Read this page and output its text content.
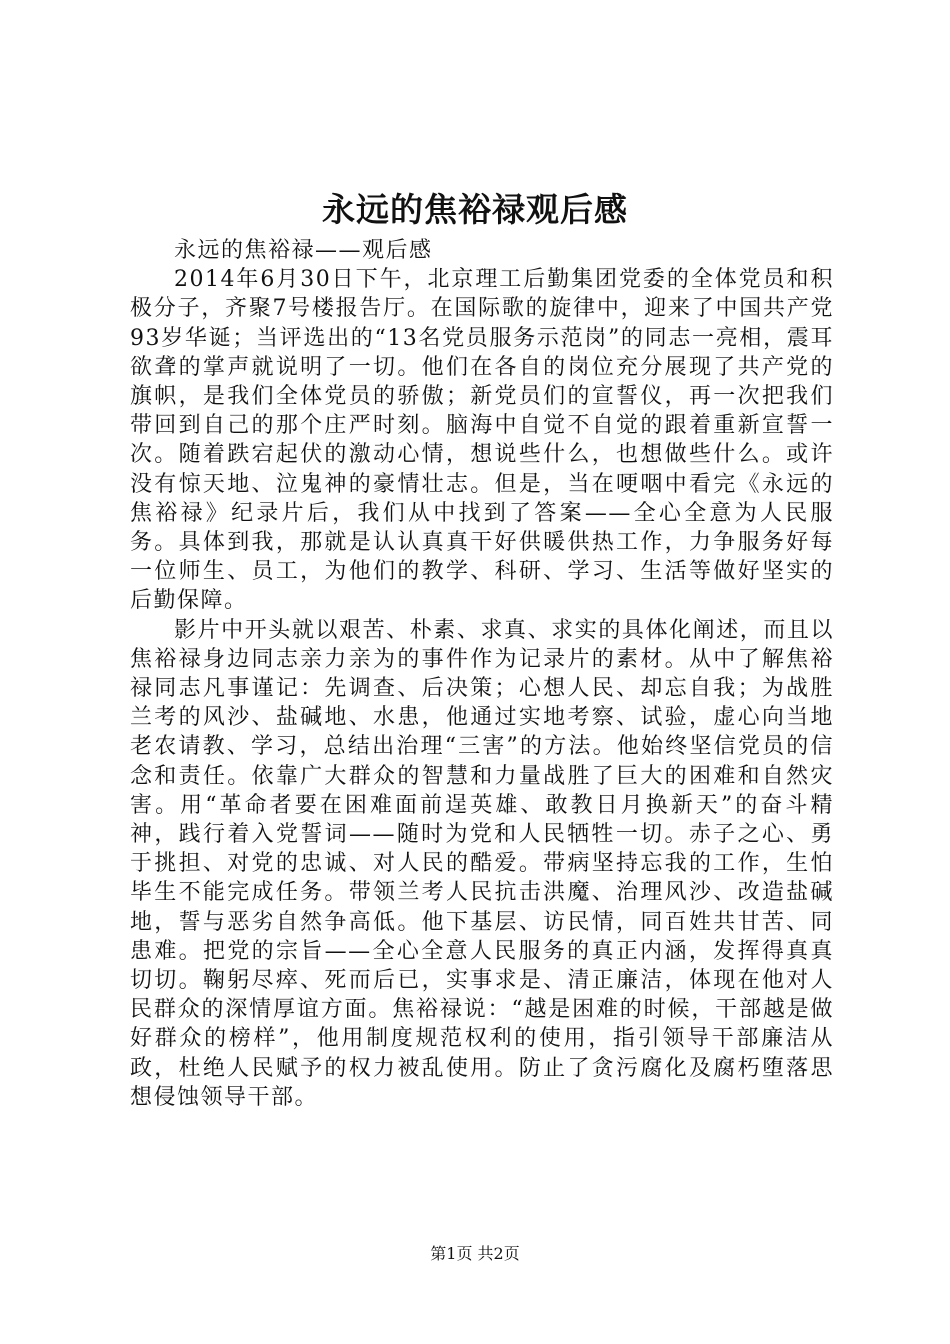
永远的焦裕禄观后感

永远的焦裕禄——观后感

2014年6月30日下午，北京理工后勤集团党委的全体党员和积极分子，齐聚7号楼报告厅。在国际歌的旋律中，迎来了中国共产党93岁华诞；当评选出的“13名党员服务示范岗”的同志一亮相，震耳欲聋的掌声就说明了一切。他们在各自的岗位充分展现了共产党的旗帜，是我们全体党员的骄傲；新党员们的宣誓仪，再一次把我们带回到自己的那个庄严时刻。脑海中自觉不自觉的跟着重新宣誓一次。随着跌宕起伏的激动心情，想说些什么，也想做些什么。或许没有惊天地、泣鬼神的豪情壮志。但是，当在哽咽中看完《永远的焦裕禄》纪录片后，我们从中找到了答案——全心全意为人民服务。具体到我，那就是认认真真干好供暖供热工作，力争服务好每一位师生、员工，为他们的教学、科研、学习、生活等做好坚实的后勤保障。

影片中开头就以艰苦、朴素、求真、求实的具体化阐述，而且以焦裕禄身边同志亲力亲为的事件作为记录片的素材。从中了解焦裕禄同志凡事谨记：先调查、后决策；心想人民、却忘自我；为战胜兰考的风沙、盐碱地、水患，他通过实地考察、试验，虚心向当地老农请教、学习，总结出治理“三害”的方法。他始终坚信党员的信念和责任。依靠广大群众的智慧和力量战胜了巨大的困难和自然灾害。用“革命者要在困难面前逞英雄、敢教日月换新天”的奋斗精神，践行着入党誓词——随时为党和人民牺牲一切。赤子之心、勇于挑担、对党的忠诚、对人民的酷爱。带病坚持忘我的工作，生怕毕生不能完成任务。带领兰考人民抗击洪魔、治理风沙、改造盐碱地，誓与恶劣自然争高低。他下基层、访民情，同百姓共甘苦、同患难。把党的宗旨——全心全意人民服务的真正内涵，发挥得真真切切。鞠躬尽瘁、死而后已，实事求是、清正廉洁，体现在他对人民群众的深情厚谊方面。焦裕禄说：“越是困难的时候，干部越是做好群众的榜样”，他用制度规范权利的使用，指引领导干部廉洁从政，杜绝人民赋予的权力被乱使用。防止了贪污腐化及腐朽堕落思想侵蚀领导干部。

第1页 共2页
